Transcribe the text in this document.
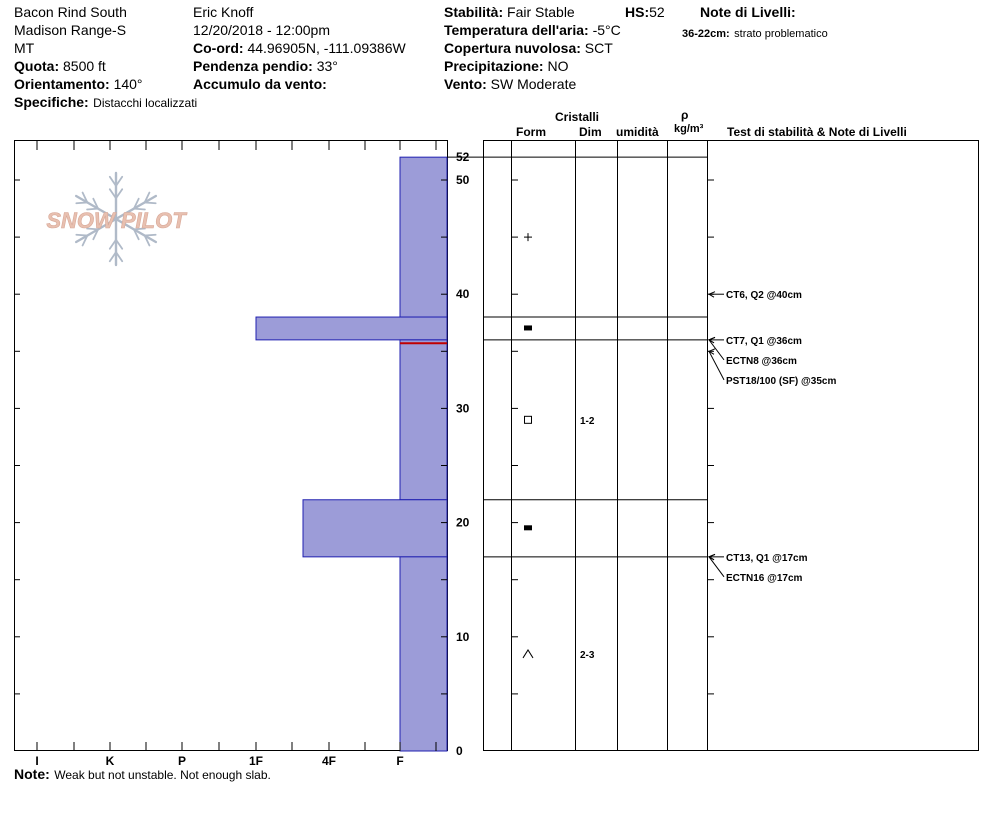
Bacon Rind South
Madison Range-S
MT
Quota: 8500 ft
Orientamento: 140°
Specifiche: Distacchi localizzati
Eric Knoff
12/20/2018 - 12:00pm
Co-ord: 44.96905N, -111.09386W
Pendenza pendio: 33°
Accumulo da vento:
Stabilità: Fair Stable	HS:52
Temperatura dell'aria: -5°C
Copertura nuvolosa: SCT
Precipitazione: NO
Vento: SW Moderate
Note di Livelli:
36-22cm: strato problematico
Cristalli
Form	Dim umidità
ρ
kg/m³ Test di stabilità & Note di Livelli
Note: Weak but not unstable. Not enough slab.
SNOW PILOT
I	K	P	1F	4F	F
0
10
20
30
40
50
52
1-2
2-3
CT6, Q2 @40cm
CT7, Q1 @36cm
ECTN8 @36cm
PST18/100 (SF) @35cm
CT13, Q1 @17cm
ECTN16 @17cm
